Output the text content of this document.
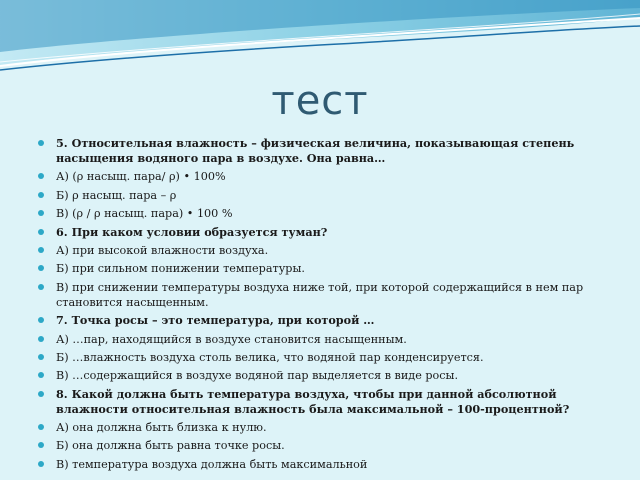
тест
5. Относительная влажность – физическая величина, показывающая степень насыщения водяного пара в воздухе. Она равна…
А) (ρ насыщ. пара/ ρ) • 100%
Б) ρ насыщ. пара – ρ
В) (ρ / ρ насыщ. пара) • 100 %
6. При каком условии образуется туман?
А) при высокой влажности воздуха.
Б) при сильном понижении температуры.
В) при снижении температуры воздуха ниже той, при которой содержащийся в нем пар становится насыщенным.
7. Точка росы – это температура, при которой …
А) …пар, находящийся в воздухе становится насыщенным.
Б) …влажность воздуха столь велика, что водяной пар конденсируется.
В) …содержащийся в воздухе водяной пар выделяется в виде росы.
8. Какой должна быть температура воздуха, чтобы при данной абсолютной влажности относительная влажность была максимальной – 100-процентной?
А) она должна быть близка к нулю.
Б) она должна быть равна точке росы.
В) температура воздуха должна быть максимальной
